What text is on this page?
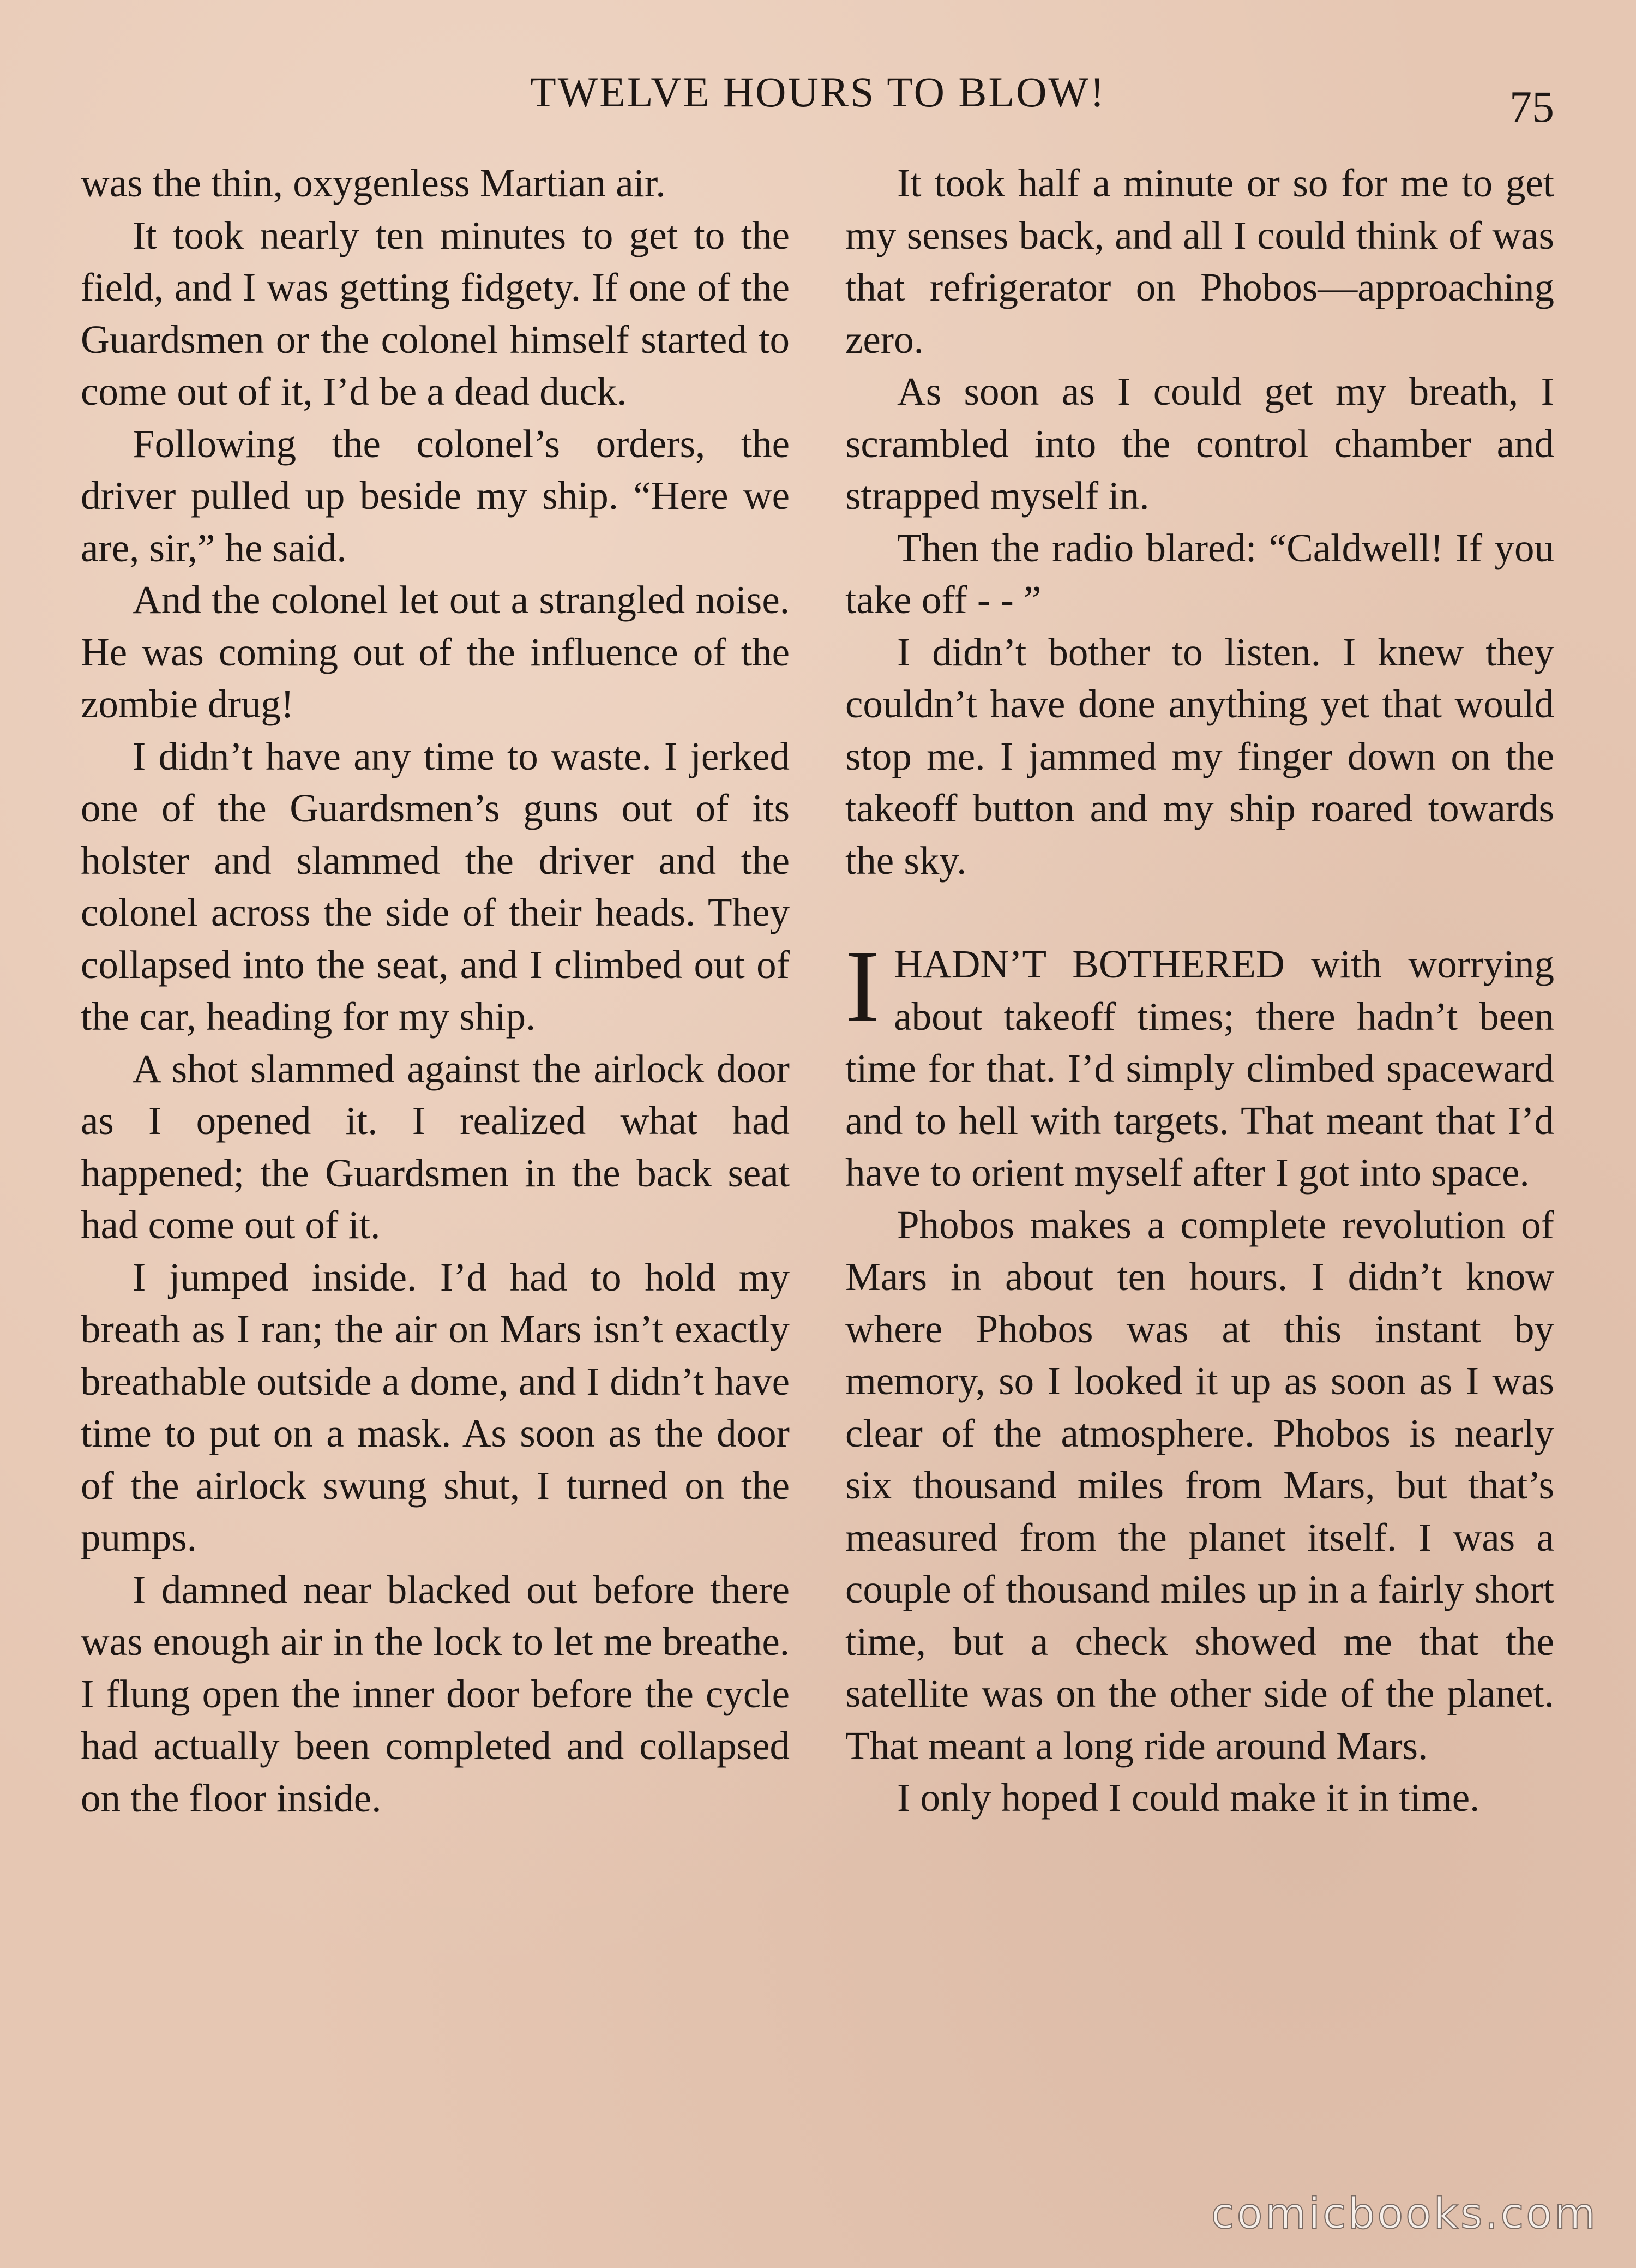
TWELVE HOURS TO BLOW!	75

was the thin, oxygenless Martian air.

It took nearly ten minutes to get to the field, and I was getting fidgety. If one of the Guardsmen or the colonel himself started to come out of it, I’d be a dead duck.

Following the colonel’s orders, the driver pulled up beside my ship. “Here we are, sir,” he said.

And the colonel let out a strangled noise. He was coming out of the influence of the zombie drug!

I didn’t have any time to waste. I jerked one of the Guardsmen’s guns out of its holster and slammed the driver and the colonel across the side of their heads. They collapsed into the seat, and I climbed out of the car, heading for my ship.

A shot slammed against the airlock door as I opened it. I realized what had happened; the Guardsmen in the back seat had come out of it.

I jumped inside. I’d had to hold my breath as I ran; the air on Mars isn’t exactly breathable outside a dome, and I didn’t have time to put on a mask. As soon as the door of the airlock swung shut, I turned on the pumps.

I damned near blacked out before there was enough air in the lock to let me breathe. I flung open the inner door before the cycle had actually been completed and collapsed on the floor inside.

It took half a minute or so for me to get my senses back, and all I could think of was that refrigerator on Phobos—approaching zero.

As soon as I could get my breath, I scrambled into the control chamber and strapped myself in.

Then the radio blared: “Caldwell! If you take off - - ”

I didn’t bother to listen. I knew they couldn’t have done anything yet that would stop me. I jammed my finger down on the takeoff button and my ship roared towards the sky.

IHADN’T BOTHERED with worrying about takeoff times; there hadn’t been time for that. I’d simply climbed spaceward and to hell with targets. That meant that I’d have to orient myself after I got into space.

Phobos makes a complete revolution of Mars in about ten hours. I didn’t know where Phobos was at this instant by memory, so I looked it up as soon as I was clear of the atmosphere. Phobos is nearly six thousand miles from Mars, but that’s measured from the planet itself. I was a couple of thousand miles up in a fairly short time, but a check showed me that the satellite was on the other side of the planet. That meant a long ride around Mars.

I only hoped I could make it in time.

comicbooks.com
